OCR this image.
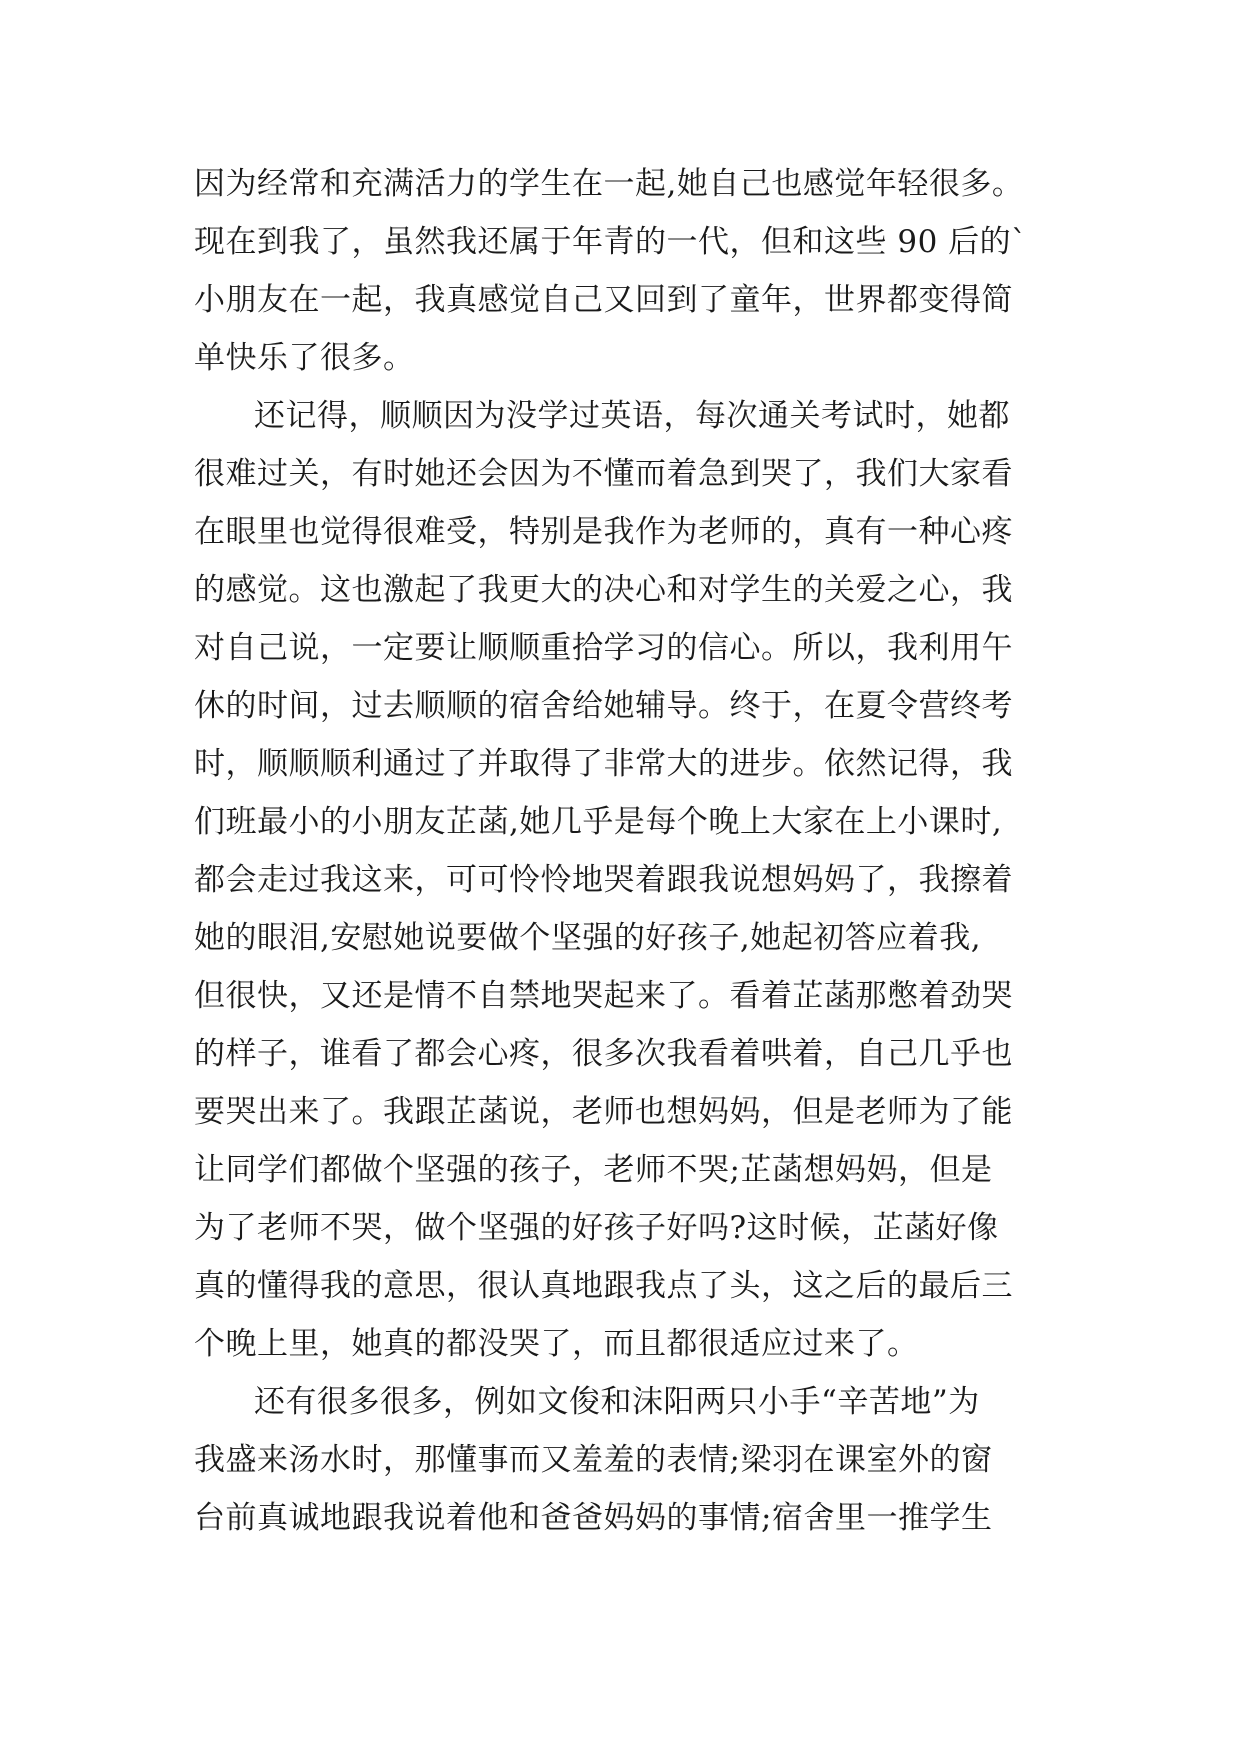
因为经常和充满活力的学生在一起,她自己也感觉年轻很多。
现在到我了，虽然我还属于年青的一代，但和这些 90 后的`
小朋友在一起，我真感觉自己又回到了童年，世界都变得简
单快乐了很多。
还记得，顺顺因为没学过英语，每次通关考试时，她都
很难过关，有时她还会因为不懂而着急到哭了，我们大家看
在眼里也觉得很难受，特别是我作为老师的，真有一种心疼
的感觉。这也激起了我更大的决心和对学生的关爱之心，我
对自己说，一定要让顺顺重拾学习的信心。所以，我利用午
休的时间，过去顺顺的宿舍给她辅导。终于，在夏令营终考
时，顺顺顺利通过了并取得了非常大的进步。依然记得，我
们班最小的小朋友芷菡,她几乎是每个晚上大家在上小课时,
都会走过我这来，可可怜怜地哭着跟我说想妈妈了，我擦着
她的眼泪,安慰她说要做个坚强的好孩子,她起初答应着我,
但很快，又还是情不自禁地哭起来了。看着芷菡那憋着劲哭
的样子，谁看了都会心疼，很多次我看着哄着，自己几乎也
要哭出来了。我跟芷菡说，老师也想妈妈，但是老师为了能
让同学们都做个坚强的孩子，老师不哭;芷菡想妈妈，但是
为了老师不哭，做个坚强的好孩子好吗?这时候，芷菡好像
真的懂得我的意思，很认真地跟我点了头，这之后的最后三
个晚上里，她真的都没哭了，而且都很适应过来了。
还有很多很多，例如文俊和沫阳两只小手“辛苦地”为
我盛来汤水时，那懂事而又羞羞的表情;梁羽在课室外的窗
台前真诚地跟我说着他和爸爸妈妈的事情;宿舍里一推学生
